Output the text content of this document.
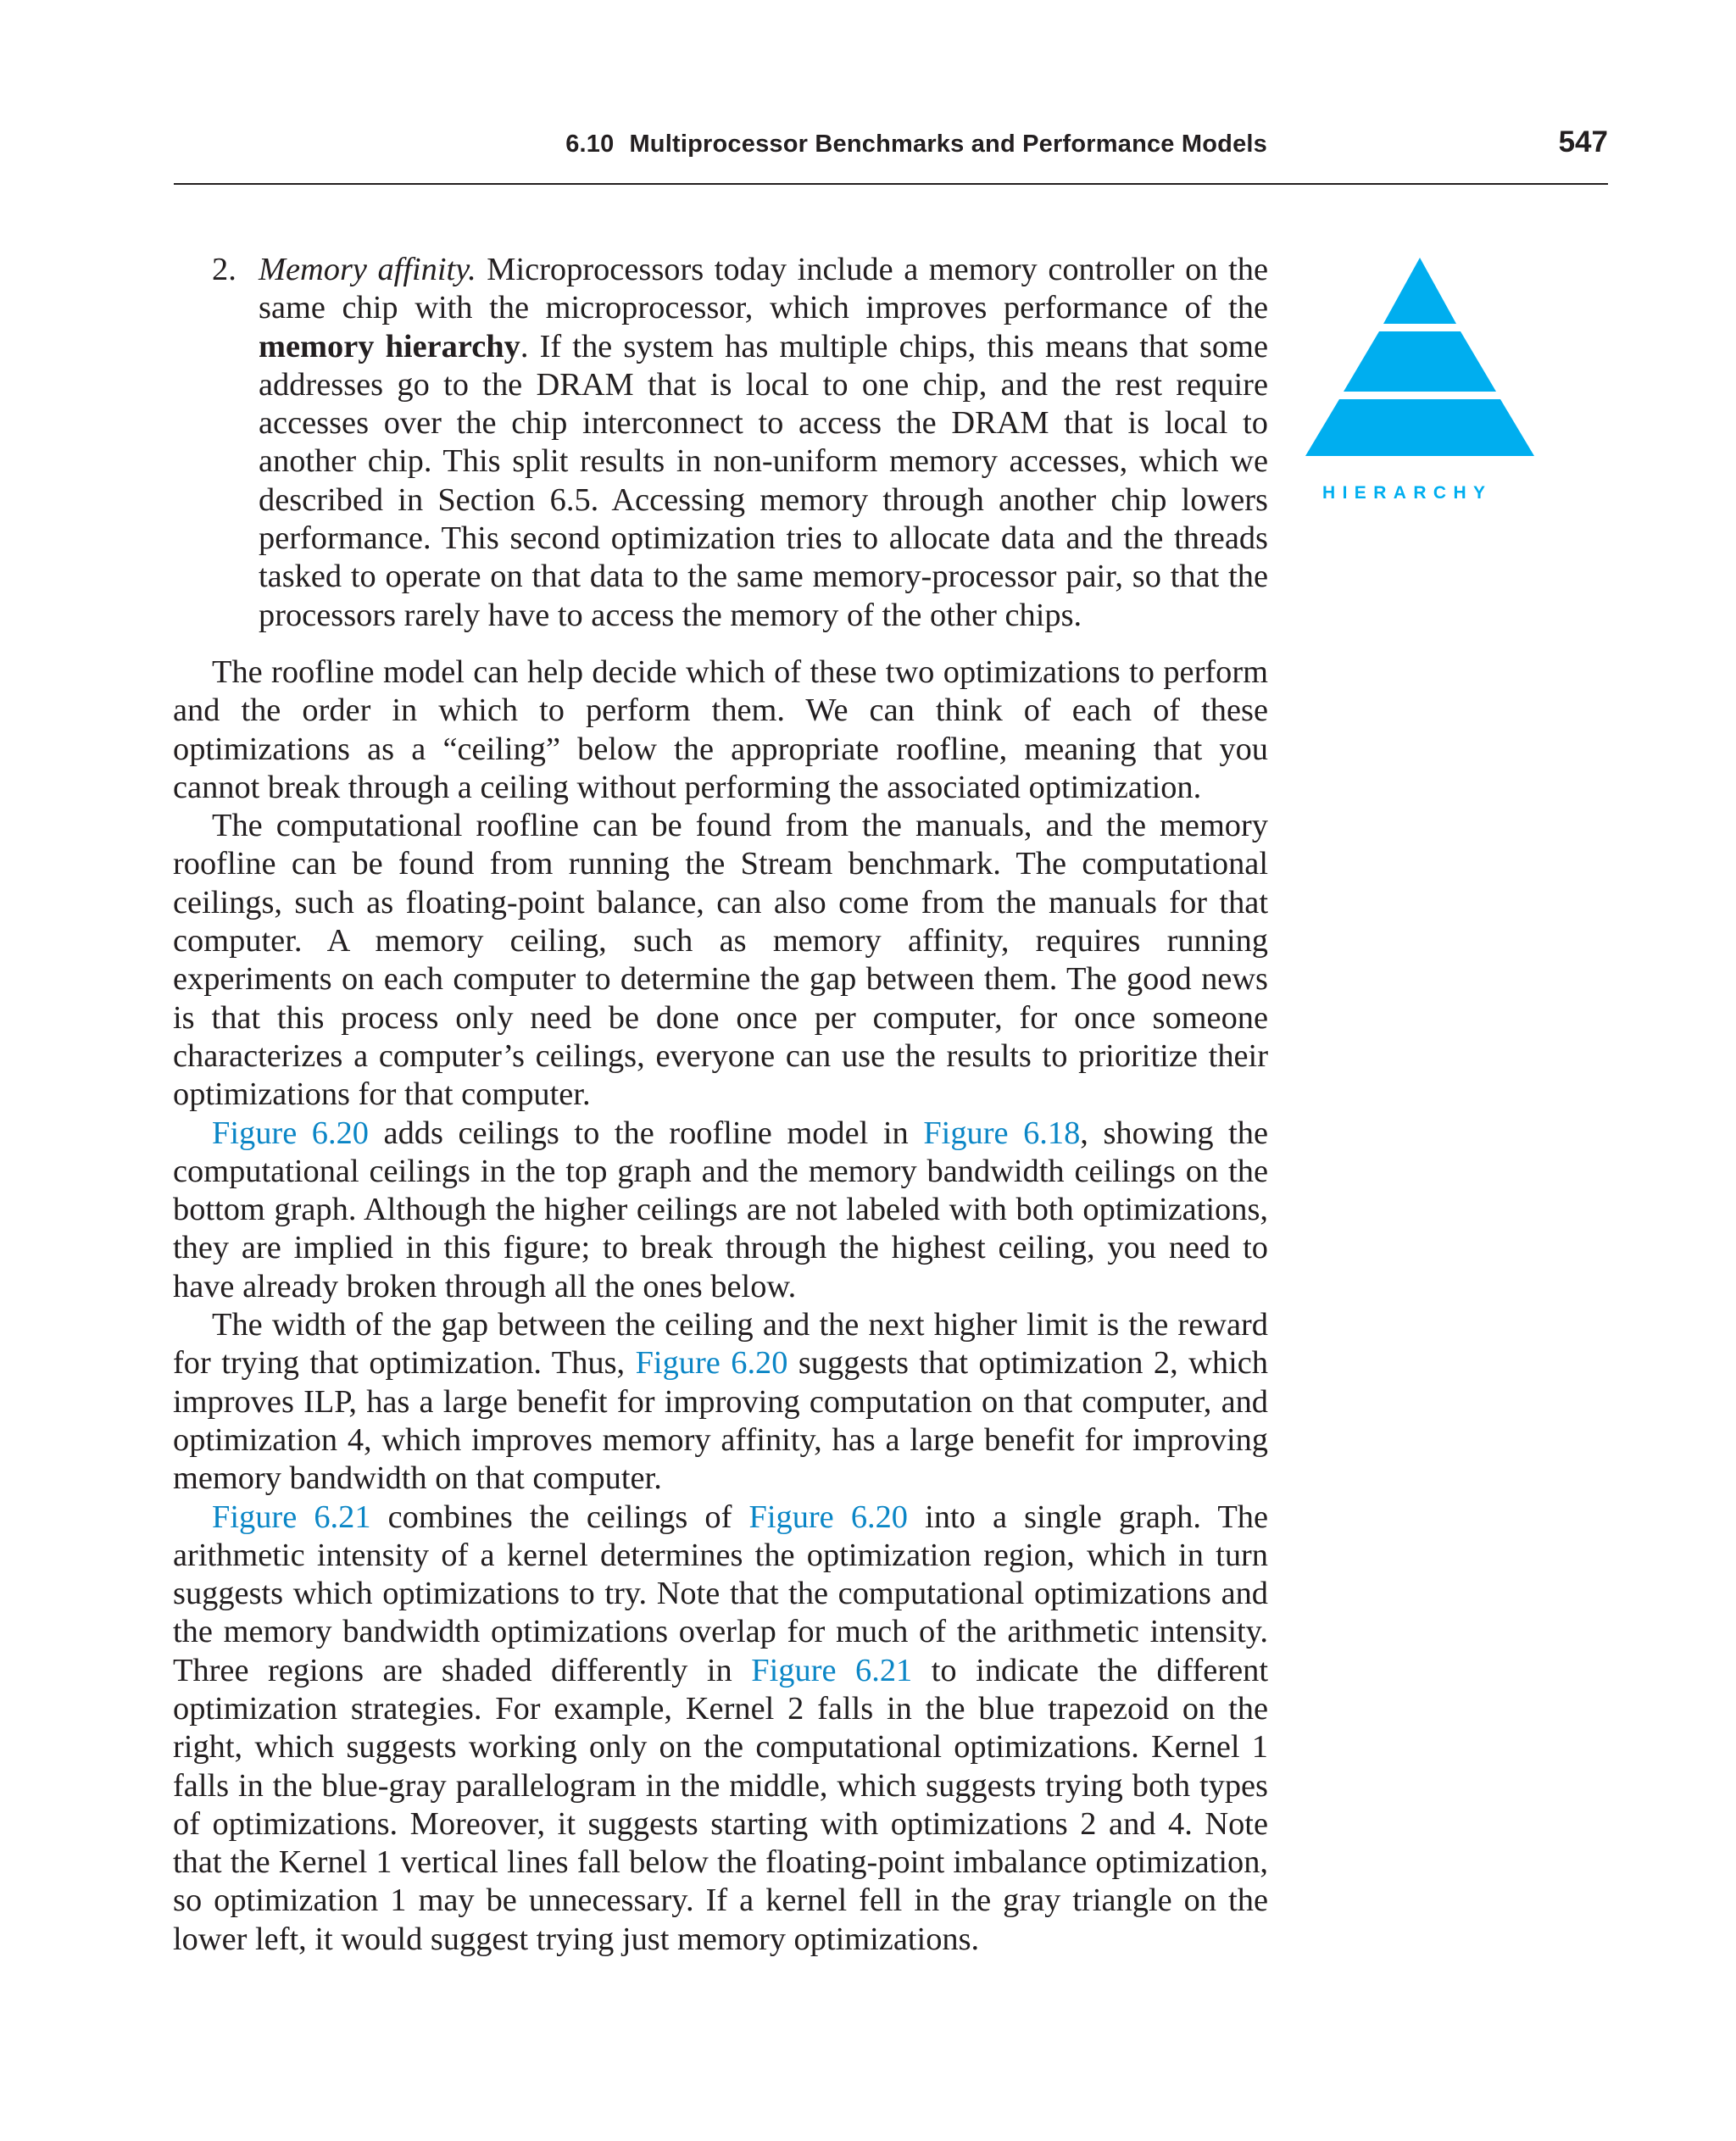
6.10 Multiprocessor Benchmarks and Performance Models	547

2. Memory affinity. Microprocessors today include a memory controller on the same chip with the microprocessor, which improves performance of the memory hierarchy. If the system has multiple chips, this means that some addresses go to the DRAM that is local to one chip, and the rest require accesses over the chip interconnect to access the DRAM that is local to another chip. This split results in non-uniform memory accesses, which we described in Section 6.5. Accessing memory through another chip lowers performance. This second optimization tries to allocate data and the threads tasked to operate on that data to the same memory-processor pair, so that the processors rarely have to access the memory of the other chips.

The roofline model can help decide which of these two optimizations to perform and the order in which to perform them. We can think of each of these optimizations as a “ceiling” below the appropriate roofline, meaning that you cannot break through a ceiling without performing the associated optimization.

The computational roofline can be found from the manuals, and the memory roofline can be found from running the Stream benchmark. The computational ceilings, such as floating-point balance, can also come from the manuals for that computer. A memory ceiling, such as memory affinity, requires running experiments on each computer to determine the gap between them. The good news is that this process only need be done once per computer, for once someone characterizes a computer’s ceilings, everyone can use the results to prioritize their optimizations for that computer.

Figure 6.20 adds ceilings to the roofline model in Figure 6.18, showing the computational ceilings in the top graph and the memory bandwidth ceilings on the bottom graph. Although the higher ceilings are not labeled with both optimizations, they are implied in this figure; to break through the highest ceiling, you need to have already broken through all the ones below.

The width of the gap between the ceiling and the next higher limit is the reward for trying that optimization. Thus, Figure 6.20 suggests that optimization 2, which improves ILP, has a large benefit for improving computation on that computer, and optimization 4, which improves memory affinity, has a large benefit for improving memory bandwidth on that computer.

Figure 6.21 combines the ceilings of Figure 6.20 into a single graph. The arithmetic intensity of a kernel determines the optimization region, which in turn suggests which optimizations to try. Note that the computational optimizations and the memory bandwidth optimizations overlap for much of the arithmetic intensity. Three regions are shaded differently in Figure 6.21 to indicate the different optimization strategies. For example, Kernel 2 falls in the blue trapezoid on the right, which suggests working only on the computational optimizations. Kernel 1 falls in the blue-gray parallelogram in the middle, which suggests trying both types of optimizations. Moreover, it suggests starting with optimizations 2 and 4. Note that the Kernel 1 vertical lines fall below the floating-point imbalance optimization, so optimization 1 may be unnecessary. If a kernel fell in the gray triangle on the lower left, it would suggest trying just memory optimizations.

HIERARCHY
